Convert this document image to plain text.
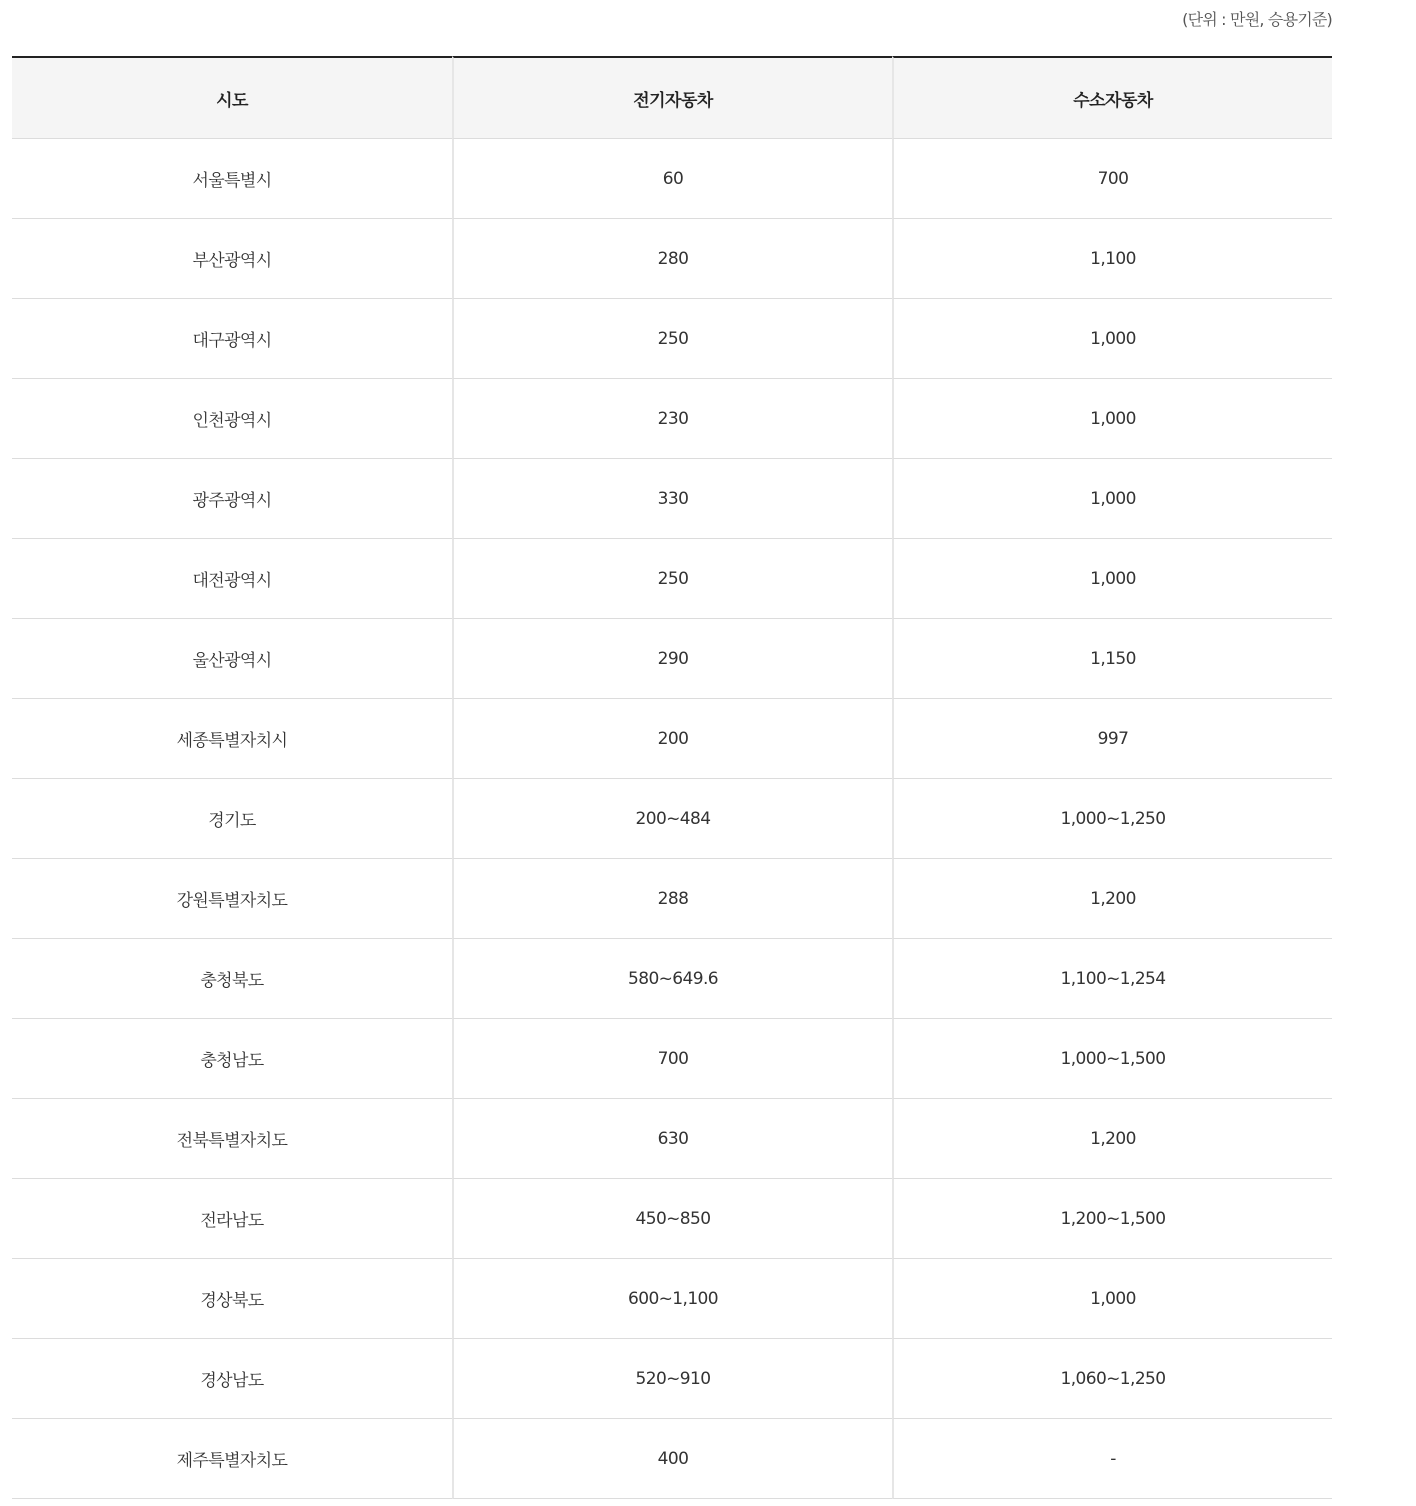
(단위 : 만원, 승용기준)
시도	전기자동차	수소자동차
서울특별시	60	700
부산광역시	280	1,100
대구광역시	250	1,000
인천광역시	230	1,000
광주광역시	330	1,000
대전광역시	250	1,000
울산광역시	290	1,150
세종특별자치시	200	997
경기도	200~484	1,000~1,250
강원특별자치도	288	1,200
충청북도	580~649.6	1,100~1,254
충청남도	700	1,000~1,500
전북특별자치도	630	1,200
전라남도	450~850	1,200~1,500
경상북도	600~1,100	1,000
경상남도	520~910	1,060~1,250
제주특별자치도	400	-
